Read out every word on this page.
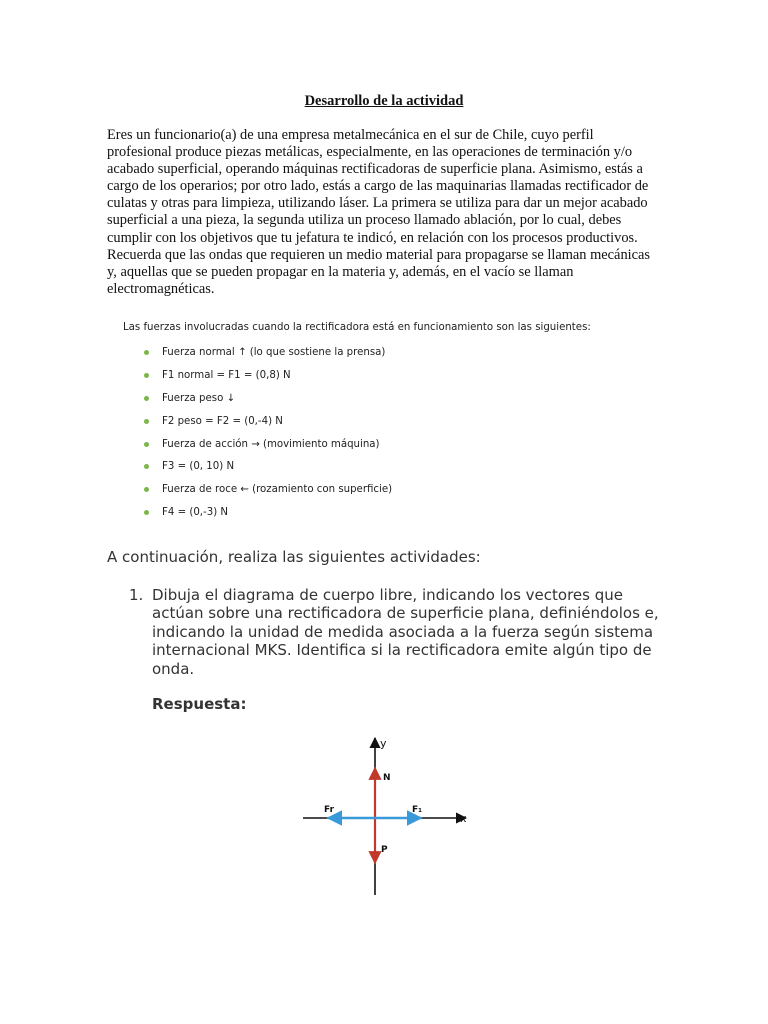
Desarrollo de la actividad

Eres un funcionario(a) de una empresa metalmecánica en el sur de Chile, cuyo perfil
profesional produce piezas metálicas, especialmente, en las operaciones de terminación y/o
acabado superficial, operando máquinas rectificadoras de superficie plana. Asimismo, estás a
cargo de los operarios; por otro lado, estás a cargo de las maquinarias llamadas rectificador de
culatas y otras para limpieza, utilizando láser. La primera se utiliza para dar un mejor acabado
superficial a una pieza, la segunda utiliza un proceso llamado ablación, por lo cual, debes
cumplir con los objetivos que tu jefatura te indicó, en relación con los procesos productivos.
Recuerda que las ondas que requieren un medio material para propagarse se llaman mecánicas
y, aquellas que se pueden propagar en la materia y, además, en el vacío se llaman
electromagnéticas.

Las fuerzas involucradas cuando la rectificadora está en funcionamiento son las siguientes:
Fuerza normal ↑ (lo que sostiene la prensa)
F1 normal = F1 = (0,8) N
Fuerza peso ↓
F2 peso = F2 = (0,-4) N
Fuerza de acción → (movimiento máquina)
F3 = (0, 10) N
Fuerza de roce ← (rozamiento con superficie)
F4 = (0,-3) N
A continuación, realiza las siguientes actividades:
1. Dibuja el diagrama de cuerpo libre, indicando los vectores que
actúan sobre una rectificadora de superficie plana, definiéndolos e,
indicando la unidad de medida asociada a la fuerza según sistema
internacional MKS. Identifica si la rectificadora emite algún tipo de
onda.

Respuesta:
y
x
N
P
Fr	F₁
